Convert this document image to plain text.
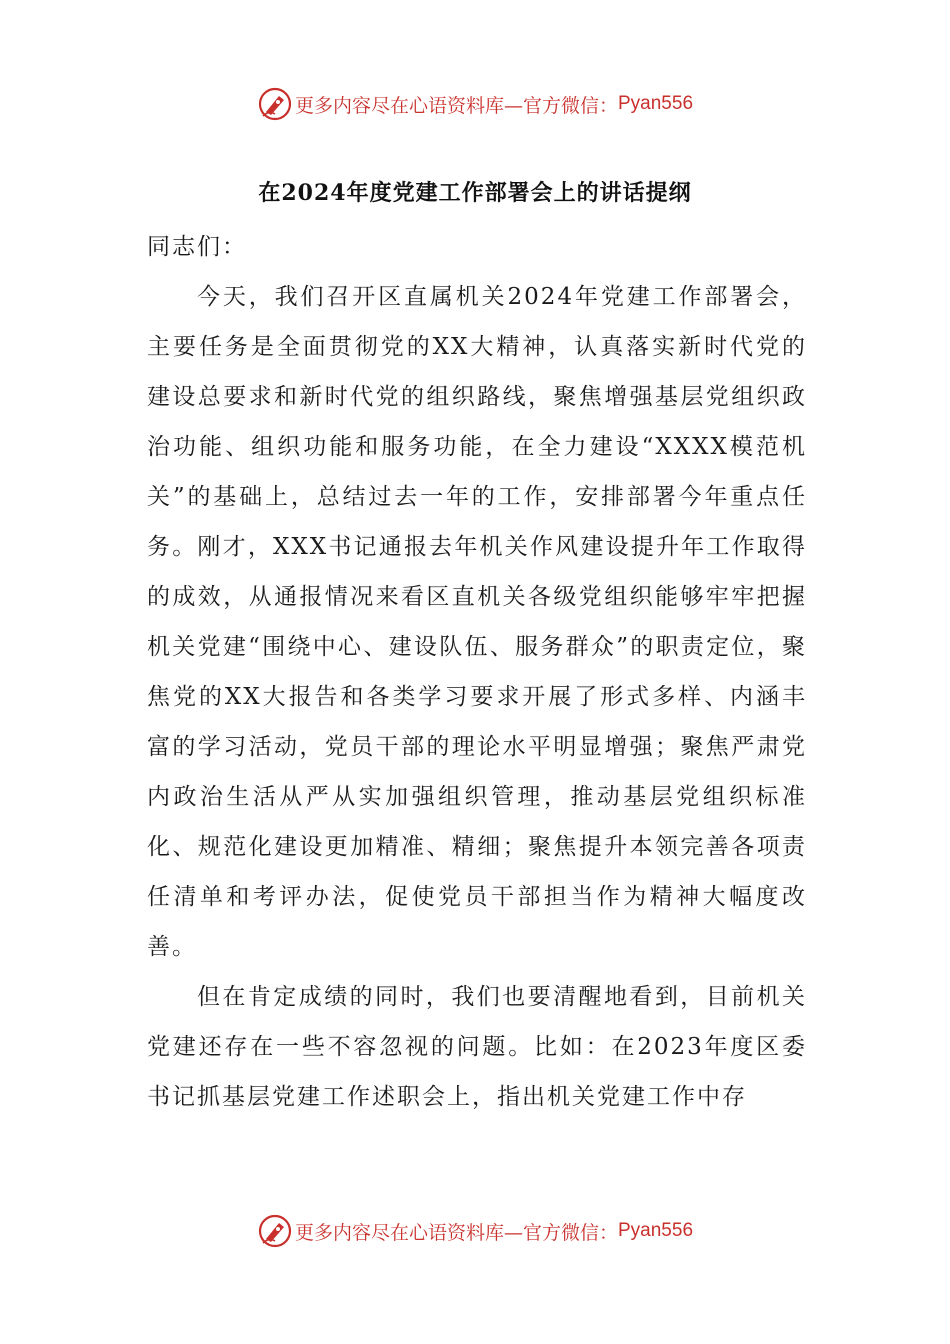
更多内容尽在心语资料库—官方微信： Pyan556
在2024年度党建工作部署会上的讲话提纲

同志们：

今天，我们召开区直属机关2024年党建工作部署会，主要任务是全面贯彻党的XX大精神，认真落实新时代党的建设总要求和新时代党的组织路线，聚焦增强基层党组织政治功能、组织功能和服务功能，在全力建设“XXXX模范机关”的基础上，总结过去一年的工作，安排部署今年重点任务。刚才，XXX书记通报去年机关作风建设提升年工作取得的成效，从通报情况来看区直机关各级党组织能够牢牢把握机关党建“围绕中心、建设队伍、服务群众”的职责定位，聚焦党的XX大报告和各类学习要求开展了形式多样、内涵丰富的学习活动，党员干部的理论水平明显增强；聚焦严肃党内政治生活从严从实加强组织管理，推动基层党组织标准化、规范化建设更加精准、精细；聚焦提升本领完善各项责任清单和考评办法，促使党员干部担当作为精神大幅度改善。

但在肯定成绩的同时，我们也要清醒地看到，目前机关党建还存在一些不容忽视的问题。比如：在2023年度区委书记抓基层党建工作述职会上，指出机关党建工作中存

更多内容尽在心语资料库—官方微信： Pyan556
